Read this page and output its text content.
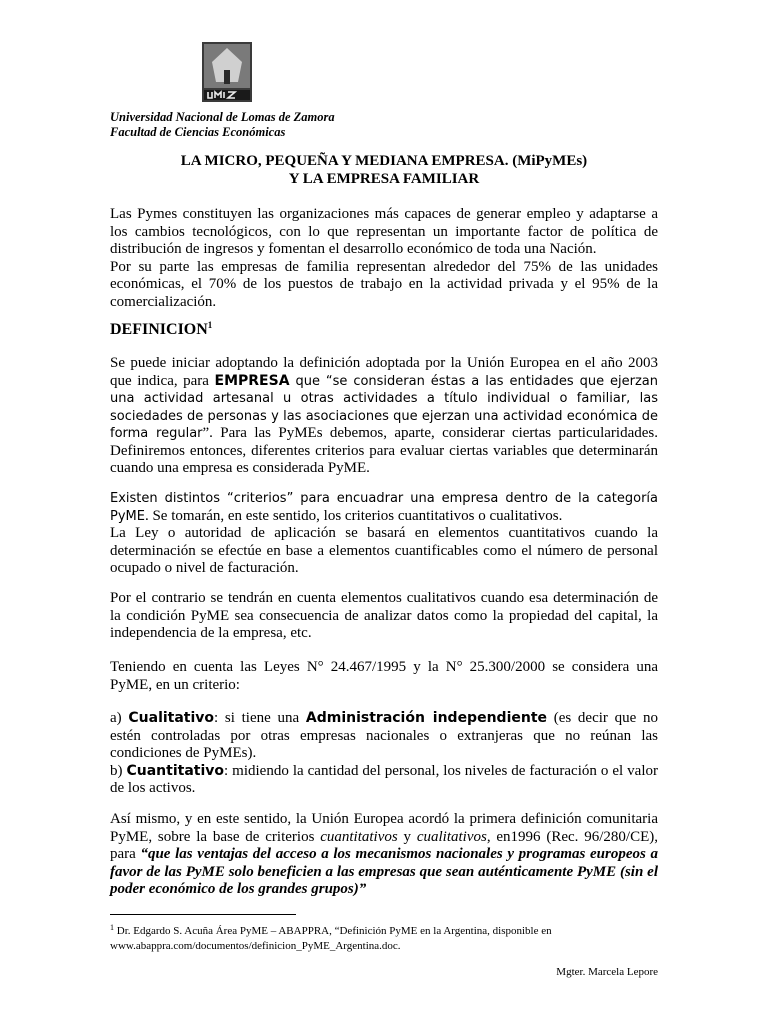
Universidad Nacional de Lomas de Zamora
Facultad de Ciencias Económicas
LA MICRO, PEQUEÑA Y MEDIANA EMPRESA. (MiPyMEs)
Y LA EMPRESA FAMILIAR

Las Pymes constituyen las organizaciones más capaces de generar empleo y adaptarse a los cambios tecnológicos, con lo que representan un importante factor de política de distribución de ingresos y fomentan el desarrollo económico de toda una Nación.

Por su parte las empresas de familia representan alrededor del 75% de las unidades económicas, el 70% de los puestos de trabajo en la actividad privada y el 95% de la comercialización.

DEFINICION$^1$

Se puede iniciar adoptando la definición adoptada por la Unión Europea en el año 2003 que indica, para EMPRESA que “se consideran éstas a las entidades que ejerzan una actividad artesanal u otras actividades a título individual o familiar, las sociedades de personas y las asociaciones que ejerzan una actividad económica de forma regular”. Para las PyMEs debemos, aparte, considerar ciertas particularidades. Definiremos entonces, diferentes criterios para evaluar ciertas variables que determinarán cuando una empresa es considerada PyME.

Existen distintos “criterios” para encuadrar una empresa dentro de la categoría PyME. Se tomarán, en este sentido, los criterios cuantitativos o cualitativos.

La Ley o autoridad de aplicación se basará en elementos cuantitativos cuando la determinación se efectúe en base a elementos cuantificables como el número de personal ocupado o nivel de facturación.

Por el contrario se tendrán en cuenta elementos cualitativos cuando esa determinación de la condición PyME sea consecuencia de analizar datos como la propiedad del capital, la independencia de la empresa, etc.

Teniendo en cuenta las Leyes N° 24.467/1995 y la N° 25.300/2000 se considera una PyME, en un criterio:

a) Cualitativo: si tiene una Administración independiente (es decir que no estén controladas por otras empresas nacionales o extranjeras que no reúnan las condiciones de PyMEs).

b) Cuantitativo: midiendo la cantidad del personal, los niveles de facturación o el valor de los activos.

Así mismo, y en este sentido, la Unión Europea acordó la primera definición comunitaria PyME, sobre la base de criterios cuantitativos y cualitativos, en1996 (Rec. 96/280/CE), para “que las ventajas del acceso a los mecanismos nacionales y programas europeos a favor de las PyME solo beneficien a las empresas que sean auténticamente PyME (sin el poder económico de los grandes grupos)”

$^1$ Dr. Edgardo S. Acuña Área PyME – ABAPPRA, “Definición PyME en la Argentina, disponible en www.abappra.com/documentos/definicion_PyME_Argentina.doc.
Mgter. Marcela Lepore
